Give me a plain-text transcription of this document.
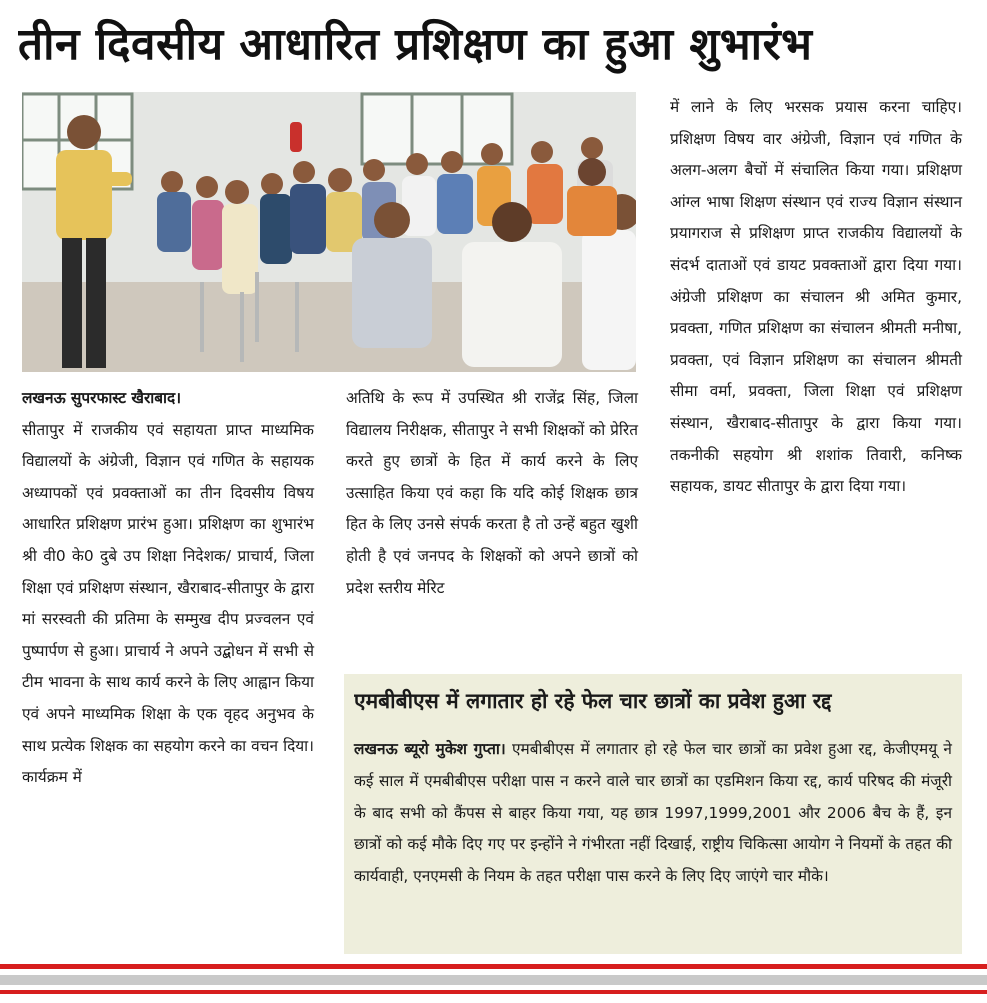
तीन दिवसीय आधारित प्रशिक्षण का हुआ शुभारंभ

लखनऊ सुपरफास्ट खैराबाद।

सीतापुर में राजकीय एवं सहायता प्राप्त माध्यमिक विद्यालयों के अंग्रेजी, विज्ञान एवं गणित के सहायक अध्यापकों एवं प्रवक्ताओं का तीन दिवसीय विषय आधारित प्रशिक्षण प्रारंभ हुआ। प्रशिक्षण का शुभारंभ श्री वी0 के0 दुबे उप शिक्षा निदेशक/ प्राचार्य, जिला शिक्षा एवं प्रशिक्षण संस्थान, खैराबाद-सीतापुर के द्वारा मां सरस्वती की प्रतिमा के सम्मुख दीप प्रज्वलन एवं पुष्पार्पण से हुआ। प्राचार्य ने अपने उद्बोधन में सभी से टीम भावना के साथ कार्य करने के लिए आह्वान किया एवं अपने माध्यमिक शिक्षा के एक वृहद अनुभव के साथ प्रत्येक शिक्षक का सहयोग करने का वचन दिया। कार्यक्रम में

अतिथि के रूप में उपस्थित श्री राजेंद्र सिंह, जिला विद्यालय निरीक्षक, सीतापुर ने सभी शिक्षकों को प्रेरित करते हुए छात्रों के हित में कार्य करने के लिए उत्साहित किया एवं कहा कि यदि कोई शिक्षक छात्र हित के लिए उनसे संपर्क करता है तो उन्हें बहुत खुशी होती है एवं जनपद के शिक्षकों को अपने छात्रों को प्रदेश स्तरीय मेरिट

में लाने के लिए भरसक प्रयास करना चाहिए। प्रशिक्षण विषय वार अंग्रेजी, विज्ञान एवं गणित के अलग-अलग बैचों में संचालित किया गया। प्रशिक्षण आंग्ल भाषा शिक्षण संस्थान एवं राज्य विज्ञान संस्थान प्रयागराज से प्रशिक्षण प्राप्त राजकीय विद्यालयों के संदर्भ दाताओं एवं डायट प्रवक्ताओं द्वारा दिया गया। अंग्रेजी प्रशिक्षण का संचालन श्री अमित कुमार, प्रवक्ता, गणित प्रशिक्षण का संचालन श्रीमती मनीषा, प्रवक्ता, एवं विज्ञान प्रशिक्षण का संचालन श्रीमती सीमा वर्मा, प्रवक्ता, जिला शिक्षा एवं प्रशिक्षण संस्थान, खैराबाद-सीतापुर के द्वारा किया गया। तकनीकी सहयोग श्री शशांक तिवारी, कनिष्क सहायक, डायट सीतापुर के द्वारा दिया गया।

एमबीबीएस में लगातार हो रहे फेल चार छात्रों का प्रवेश हुआ रद्द
लखनऊ ब्यूरो मुकेश गुप्ता। एमबीबीएस में लगातार हो रहे फेल चार छात्रों का प्रवेश हुआ रद्द, केजीएमयू ने कई साल में एमबीबीएस परीक्षा पास न करने वाले चार छात्रों का एडमिशन किया रद्द, कार्य परिषद की मंजूरी के बाद सभी को कैंपस से बाहर किया गया, यह छात्र 1997,1999,2001 और 2006 बैच के हैं, इन छात्रों को कई मौके दिए गए पर इन्होंने ने गंभीरता नहीं दिखाई, राष्ट्रीय चिकित्सा आयोग ने नियमों के तहत की कार्यवाही, एनएमसी के नियम के तहत परीक्षा पास करने के लिए दिए जाएंगे चार मौके।
